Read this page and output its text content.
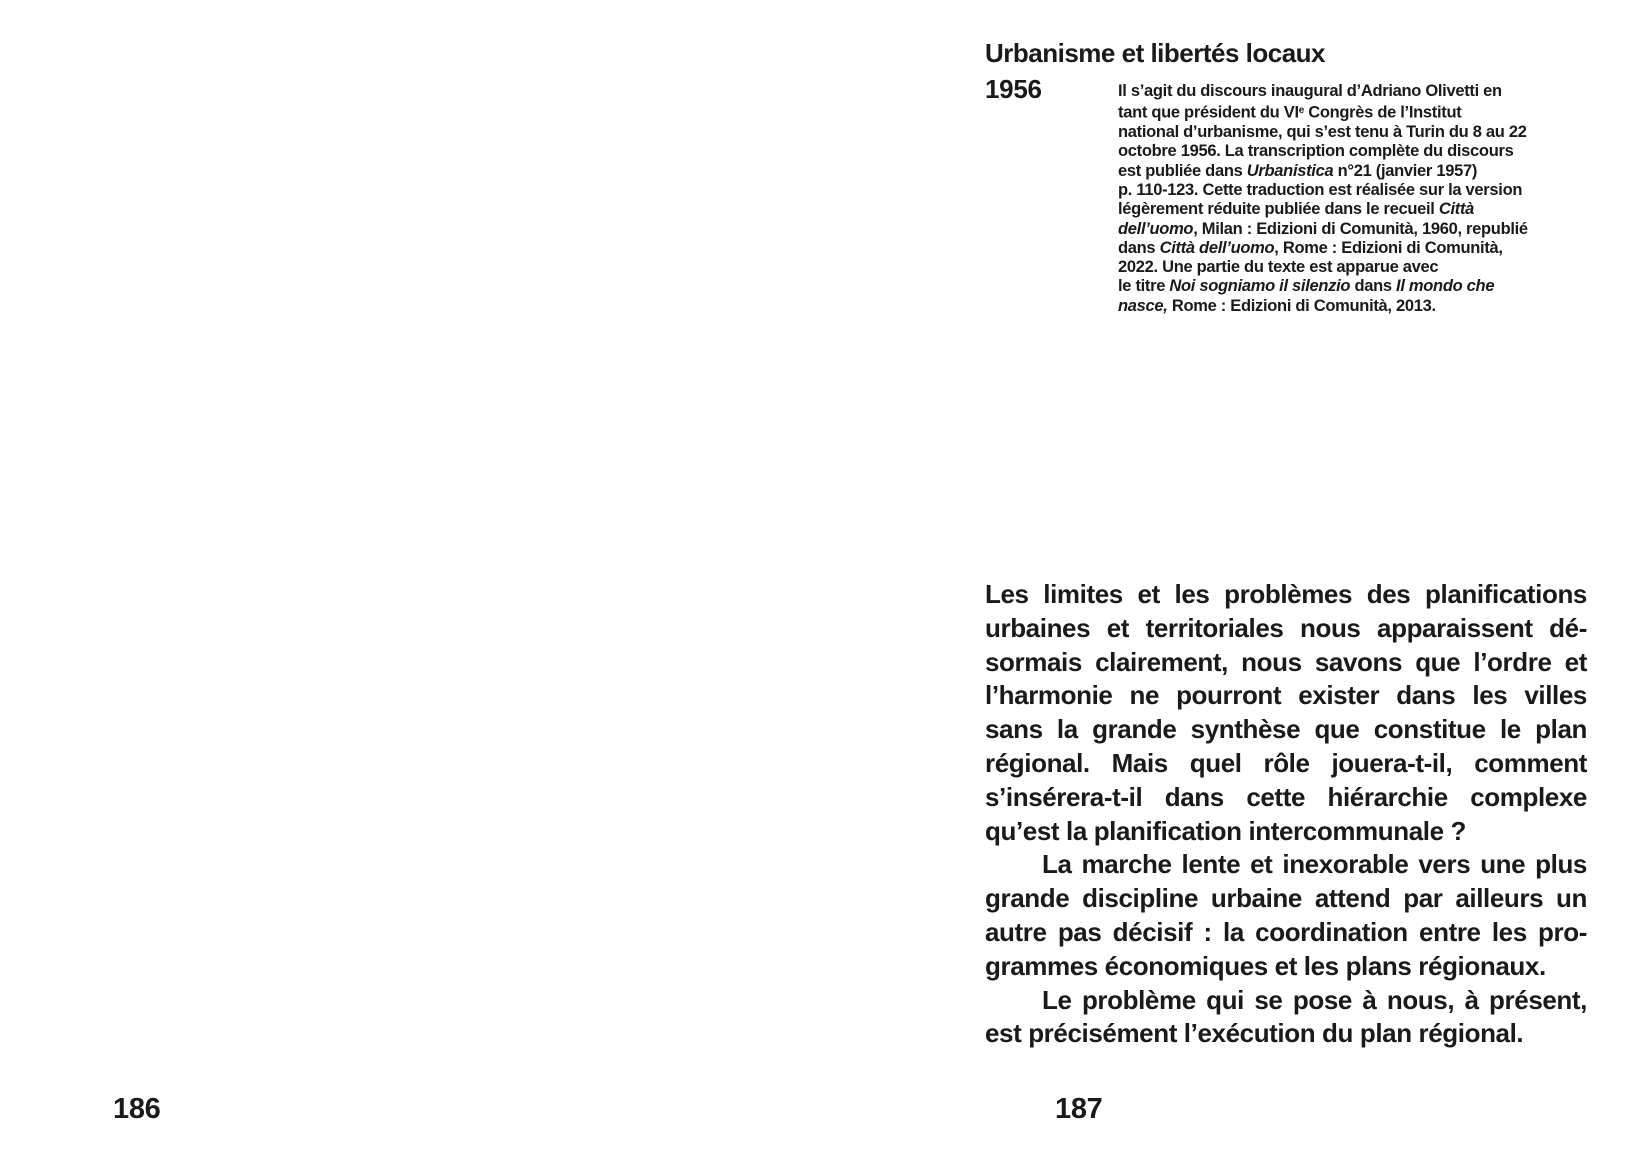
186
Urbanisme et libertés locaux
1956	Il s’agit du discours inaugural d’Adriano Olivetti en
tant que président du VIe Congrès de l’Institut
national d’urbanisme, qui s’est tenu à Turin du 8 au 22
octobre 1956. La transcription complète du discours
est publiée dans Urbanistica n°21 (janvier 1957)
p. 110-123. Cette traduction est réalisée sur la version
légèrement réduite publiée dans le recueil Città
dell’uomo, Milan : Edizioni di Comunità, 1960, republié
dans Città dell’uomo, Rome : Edizioni di Comunità,
2022. Une partie du texte est apparue avec
le titre Noi sogniamo il silenzio dans Il mondo che
nasce, Rome : Edizioni di Comunità, 2013.
Les limites et les problèmes des planifications
urbaines et territoriales nous apparaissent dé-
sormais clairement, nous savons que l’ordre et
l’harmonie ne pourront exister dans les villes
sans la grande synthèse que constitue le plan
régional. Mais quel rôle jouera-t-il, comment
s’insérera-t-il dans cette hiérarchie complexe
qu’est la planification intercommunale ?
La marche lente et inexorable vers une plus
grande discipline urbaine attend par ailleurs un
autre pas décisif : la coordination entre les pro-
grammes économiques et les plans régionaux.
Le problème qui se pose à nous, à présent,
est précisément l’exécution du plan régional.
187
